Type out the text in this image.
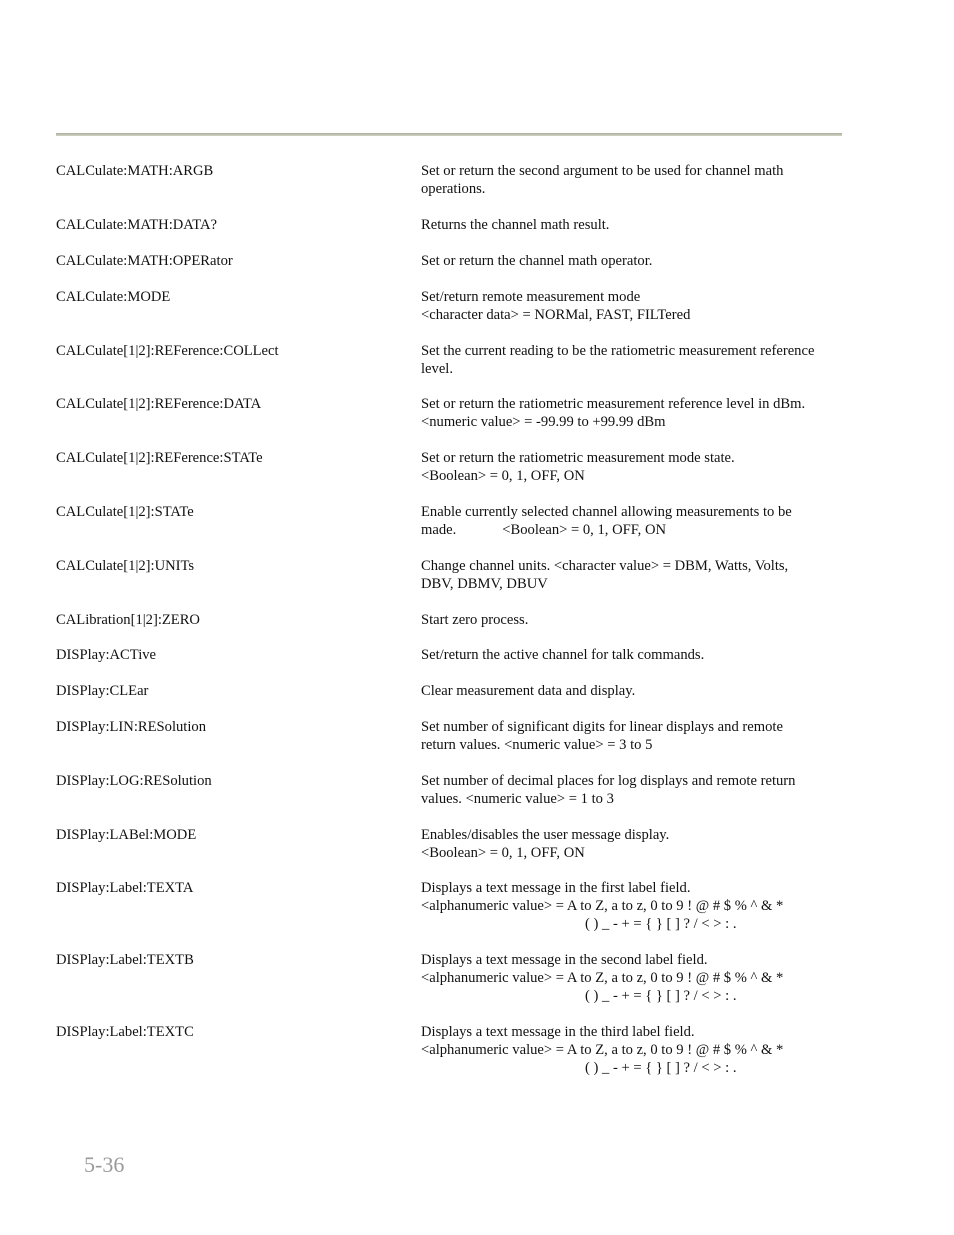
CALCulate:MATH:ARGB	Set or return the second argument to be used for channel math
operations.
CALCulate:MATH:DATA?	Returns the channel math result.
CALCulate:MATH:OPERator	Set or return the channel math operator.
CALCulate:MODE	Set/return remote measurement mode
<character data> = NORMal, FAST, FILTered
CALCulate[1|2]:REFerence:COLLect	Set the current reading to be the ratiometric measurement reference
level.
CALCulate[1|2]:REFerence:DATA	Set or return the ratiometric measurement reference level in dBm.
<numeric value> = -99.99 to +99.99 dBm
CALCulate[1|2]:REFerence:STATe	Set or return the ratiometric measurement mode state.
<Boolean> = 0, 1, OFF, ON
CALCulate[1|2]:STATe	Enable currently selected channel allowing measurements to be
made.	<Boolean> = 0, 1, OFF, ON
CALCulate[1|2]:UNITs	Change channel units. <character value> = DBM, Watts, Volts,
DBV, DBMV, DBUV
CALibration[1|2]:ZERO	Start zero process.
DISPlay:ACTive	Set/return the active channel for talk commands.
DISPlay:CLEar	Clear measurement data and display.
DISPlay:LIN:RESolution	Set number of significant digits for linear displays and remote
return values. <numeric value> = 3 to 5
DISPlay:LOG:RESolution	Set number of decimal places for log displays and remote return
values. <numeric value> = 1 to 3
DISPlay:LABel:MODE	Enables/disables the user message display.
<Boolean> = 0, 1, OFF, ON
DISPlay:Label:TEXTA	Displays a text message in the first label field.
<alphanumeric value> = A to Z, a to z, 0 to 9 ! @ # $ % ^ & *
( ) _ - + = { } [ ] ? / < > : .
DISPlay:Label:TEXTB	Displays a text message in the second label field.
<alphanumeric value> = A to Z, a to z, 0 to 9 ! @ # $ % ^ & *
( ) _ - + = { } [ ] ? / < > : .
DISPlay:Label:TEXTC	Displays a text message in the third label field.
<alphanumeric value> = A to Z, a to z, 0 to 9 ! @ # $ % ^ & *
( ) _ - + = { } [ ] ? / < > : .
5-36
